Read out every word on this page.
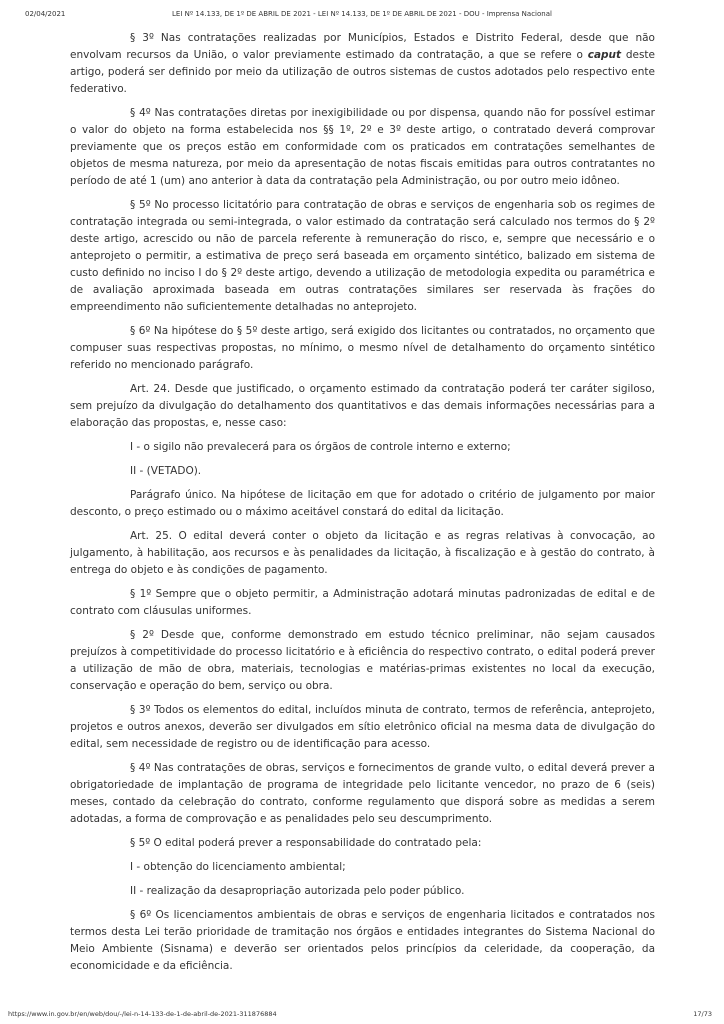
02/04/2021	LEI Nº 14.133, DE 1º DE ABRIL DE 2021 - LEI Nº 14.133, DE 1º DE ABRIL DE 2021 - DOU - Imprensa Nacional

§ 3º Nas contratações realizadas por Municípios, Estados e Distrito Federal, desde que não envolvam recursos da União, o valor previamente estimado da contratação, a que se refere o caput deste artigo, poderá ser definido por meio da utilização de outros sistemas de custos adotados pelo respectivo ente federativo.

§ 4º Nas contratações diretas por inexigibilidade ou por dispensa, quando não for possível estimar o valor do objeto na forma estabelecida nos §§ 1º, 2º e 3º deste artigo, o contratado deverá comprovar previamente que os preços estão em conformidade com os praticados em contratações semelhantes de objetos de mesma natureza, por meio da apresentação de notas fiscais emitidas para outros contratantes no período de até 1 (um) ano anterior à data da contratação pela Administração, ou por outro meio idôneo.

§ 5º No processo licitatório para contratação de obras e serviços de engenharia sob os regimes de contratação integrada ou semi-integrada, o valor estimado da contratação será calculado nos termos do § 2º deste artigo, acrescido ou não de parcela referente à remuneração do risco, e, sempre que necessário e o anteprojeto o permitir, a estimativa de preço será baseada em orçamento sintético, balizado em sistema de custo definido no inciso I do § 2º deste artigo, devendo a utilização de metodologia expedita ou paramétrica e de avaliação aproximada baseada em outras contratações similares ser reservada às frações do empreendimento não suficientemente detalhadas no anteprojeto.

§ 6º Na hipótese do § 5º deste artigo, será exigido dos licitantes ou contratados, no orçamento que compuser suas respectivas propostas, no mínimo, o mesmo nível de detalhamento do orçamento sintético referido no mencionado parágrafo.

Art. 24. Desde que justificado, o orçamento estimado da contratação poderá ter caráter sigiloso, sem prejuízo da divulgação do detalhamento dos quantitativos e das demais informações necessárias para a elaboração das propostas, e, nesse caso:

I - o sigilo não prevalecerá para os órgãos de controle interno e externo;

II - (VETADO).

Parágrafo único. Na hipótese de licitação em que for adotado o critério de julgamento por maior desconto, o preço estimado ou o máximo aceitável constará do edital da licitação.

Art. 25. O edital deverá conter o objeto da licitação e as regras relativas à convocação, ao julgamento, à habilitação, aos recursos e às penalidades da licitação, à fiscalização e à gestão do contrato, à entrega do objeto e às condições de pagamento.

§ 1º Sempre que o objeto permitir, a Administração adotará minutas padronizadas de edital e de contrato com cláusulas uniformes.

§ 2º Desde que, conforme demonstrado em estudo técnico preliminar, não sejam causados prejuízos à competitividade do processo licitatório e à eficiência do respectivo contrato, o edital poderá prever a utilização de mão de obra, materiais, tecnologias e matérias-primas existentes no local da execução, conservação e operação do bem, serviço ou obra.

§ 3º Todos os elementos do edital, incluídos minuta de contrato, termos de referência, anteprojeto, projetos e outros anexos, deverão ser divulgados em sítio eletrônico oficial na mesma data de divulgação do edital, sem necessidade de registro ou de identificação para acesso.

§ 4º Nas contratações de obras, serviços e fornecimentos de grande vulto, o edital deverá prever a obrigatoriedade de implantação de programa de integridade pelo licitante vencedor, no prazo de 6 (seis) meses, contado da celebração do contrato, conforme regulamento que disporá sobre as medidas a serem adotadas, a forma de comprovação e as penalidades pelo seu descumprimento.

§ 5º O edital poderá prever a responsabilidade do contratado pela:

I - obtenção do licenciamento ambiental;

II - realização da desapropriação autorizada pelo poder público.

§ 6º Os licenciamentos ambientais de obras e serviços de engenharia licitados e contratados nos termos desta Lei terão prioridade de tramitação nos órgãos e entidades integrantes do Sistema Nacional do Meio Ambiente (Sisnama) e deverão ser orientados pelos princípios da celeridade, da cooperação, da economicidade e da eficiência.

https://www.in.gov.br/en/web/dou/-/lei-n-14-133-de-1-de-abril-de-2021-311876884	17/73
